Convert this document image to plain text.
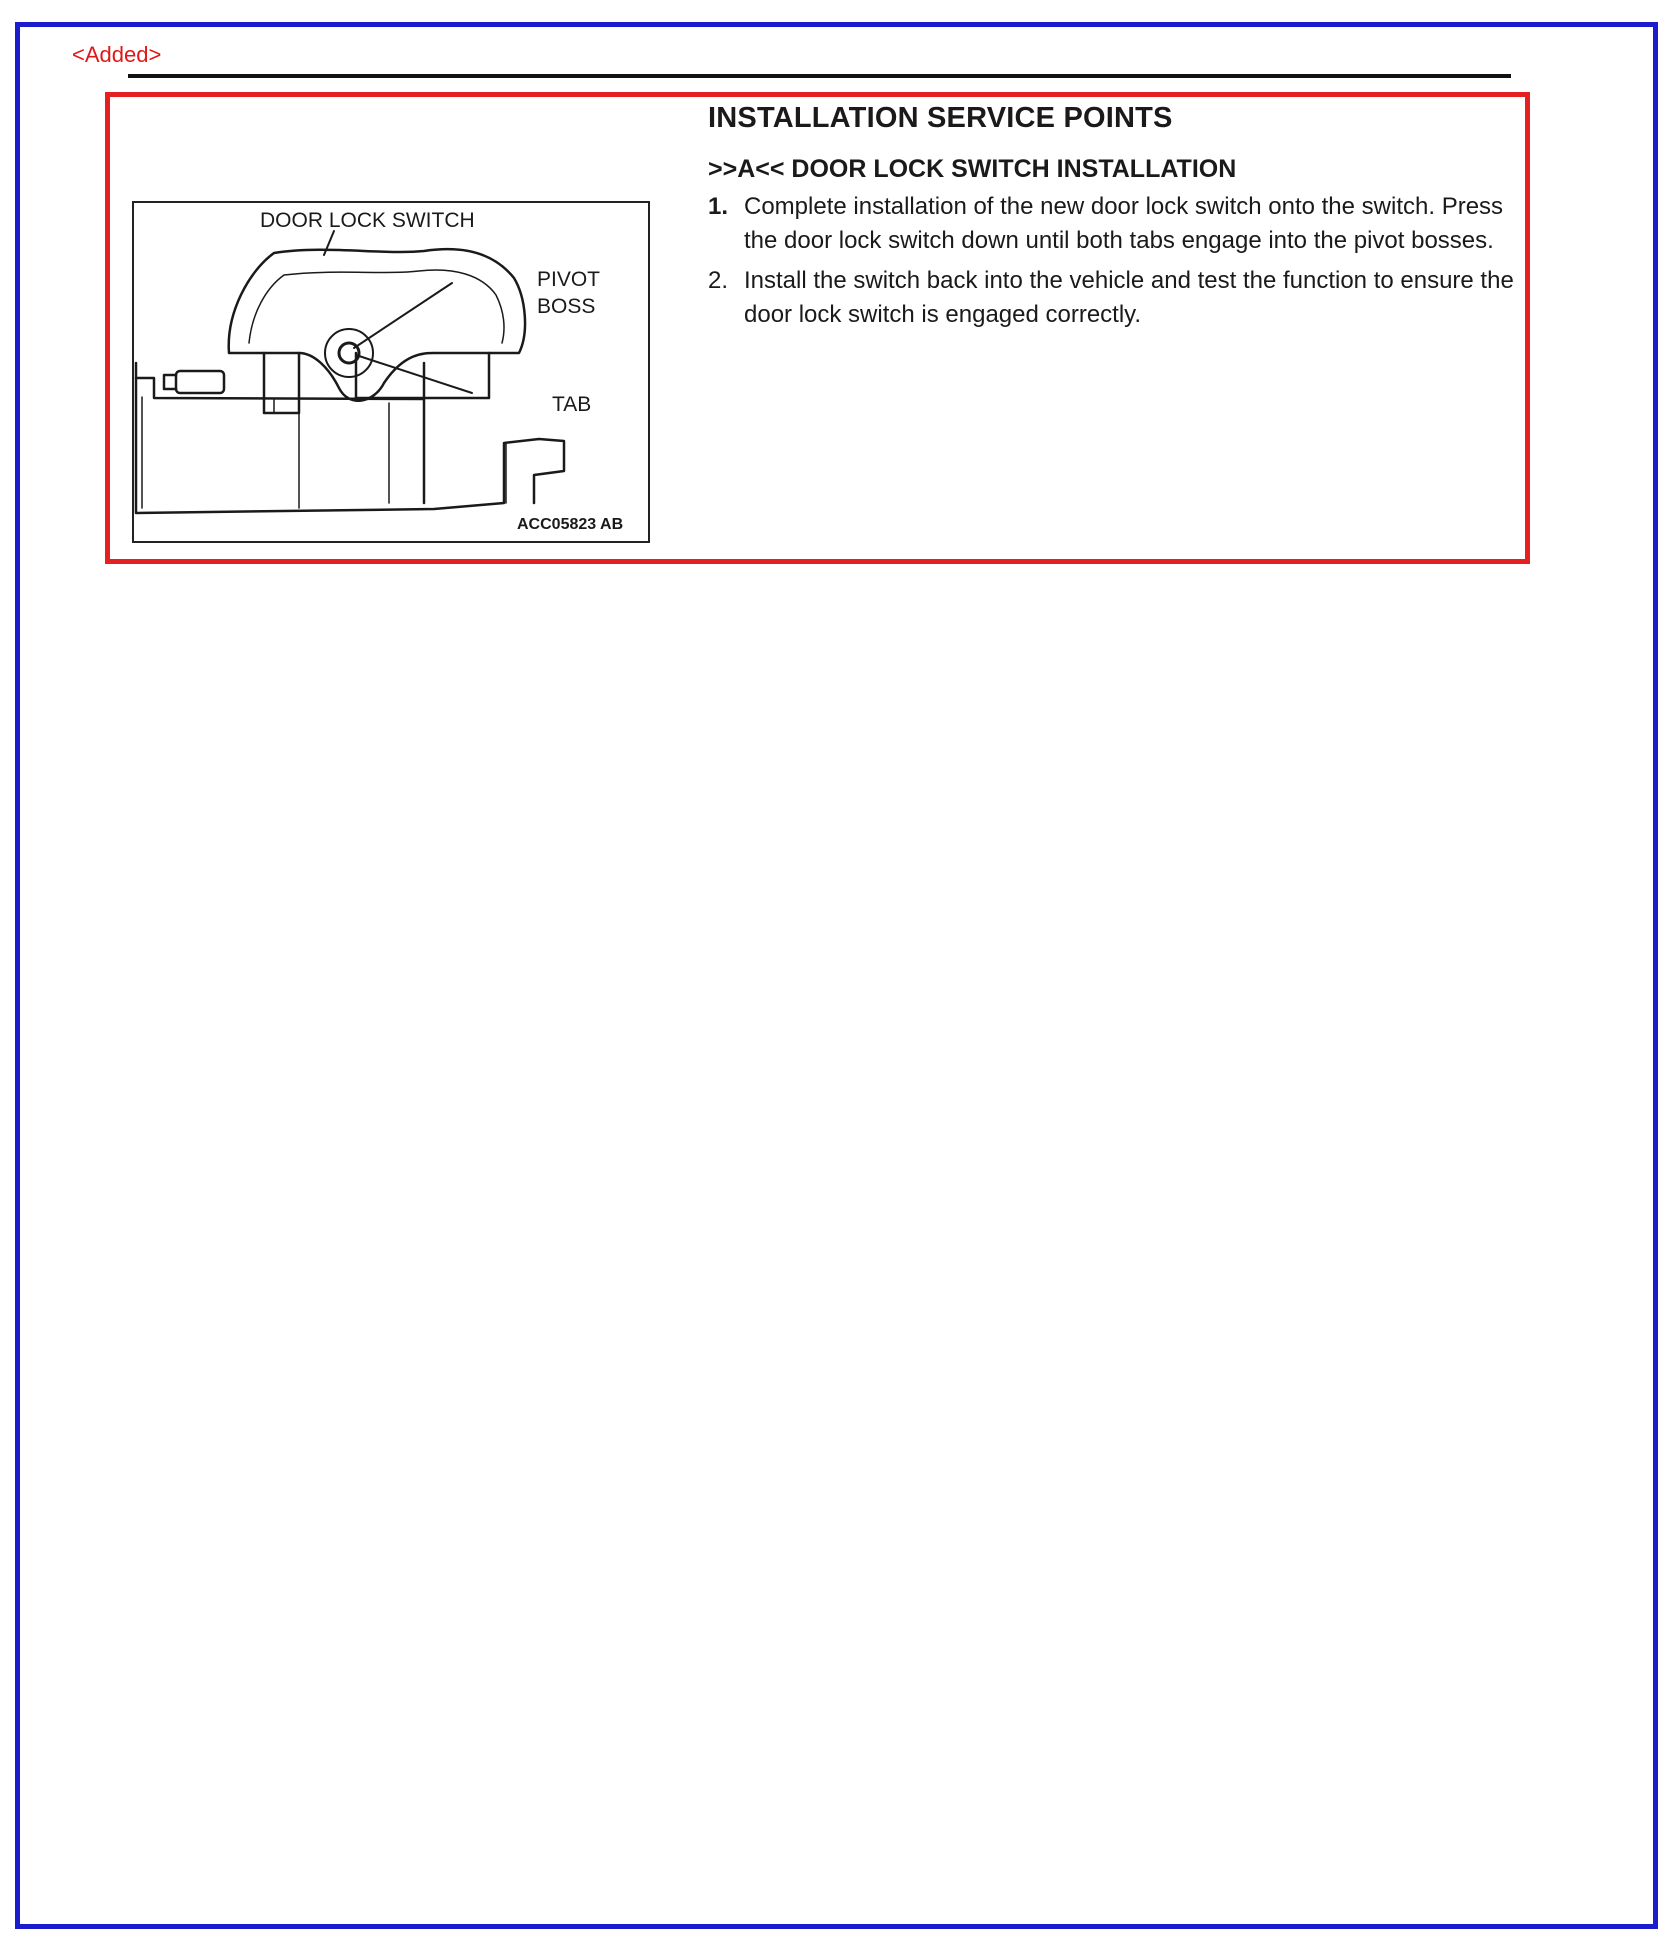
<Added>
DOOR LOCK SWITCH
PIVOT
BOSS
TAB
ACC05823 AB
INSTALLATION SERVICE POINTS
>>A<< DOOR LOCK SWITCH INSTALLATION
1. Complete installation of the new door lock switch onto the switch. Press the door lock switch down until both tabs engage into the pivot bosses.
2. Install the switch back into the vehicle and test the function to ensure the door lock switch is engaged correctly.
